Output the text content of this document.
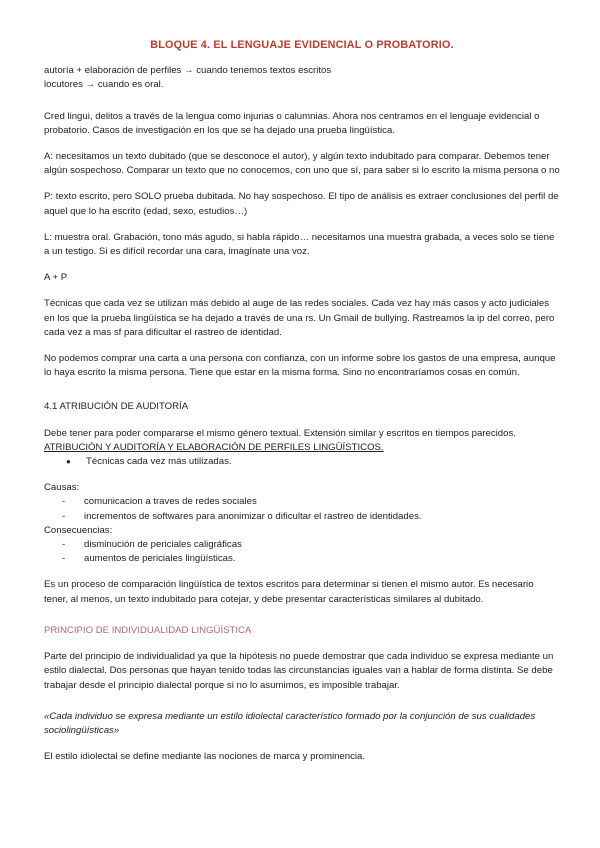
BLOQUE 4. EL LENGUAJE EVIDENCIAL O PROBATORIO.

autoría + elaboración de perfiles → cuando tenemos textos escritos

locutores → cuando es oral.

Cred lingui, delitos a través de la lengua como injurias o calumnias. Ahora nos centramos en el lenguaje evidencial o probatorio. Casos de investigación en los que se ha dejado una prueba lingüística.

A: necesitamos un texto dubitado (que se desconoce el autor), y algún texto indubitado para comparar. Debemos tener algún sospechoso. Comparar un texto que no conocemos, con uno que sí, para saber si lo escrito la misma persona o no

P: texto escrito, pero SOLO prueba dubitada. No hay sospechoso. El tipo de análisis es extraer conclusiones del perfil de aquel que lo ha escrito (edad, sexo, estudios…)

L: muestra oral. Grabación, tono más agudo, si habla rápido… necesitamos una muestra grabada, a veces solo se tiene a un testigo. Si es difícil recordar una cara, imagínate una voz.

A + P

Técnicas que cada vez se utilizan más debido al auge de las redes sociales. Cada vez hay más casos y acto judiciales en los que la prueba lingüística se ha dejado a través de una rs. Un Gmail de bullying. Rastreamos la ip del correo, pero cada vez a mas sf para dificultar el rastreo de identidad.

No podemos comprar una carta a una persona con confianza, con un informe sobre los gastos de una empresa, aunque lo haya escrito la misma persona. Tiene que estar en la misma forma. Sino no encontraríamos cosas en común.

4.1 ATRIBUCIÓN DE AUDITORÍA

Debe tener para poder compararse el mismo género textual. Extensión similar y escritos en tiempos parecidos.

ATRIBUCIÓN Y AUDITORÍA Y ELABORACIÓN DE PERFILES LINGÜÍSTICOS.

● Técnicas cada vez más utilizadas.

Causas:

- comunicacion a traves de redes sociales
- incrementos de softwares para anonimizar o dificultar el rastreo de identidades.

Consecuencias:

- disminución de periciales caligráficas
- aumentos de periciales lingüísticas.

Es un proceso de comparación lingüística de textos escritos para determinar si tienen el mismo autor. Es necesario tener, al menos, un texto indubitado para cotejar, y debe presentar características similares al dubitado.

PRINCIPIO DE INDIVIDUALIDAD LINGÜÍSTICA

Parte del principio de individualidad ya que la hipótesis no puede demostrar que cada individuo se expresa mediante un estilo dialectal. Dos personas que hayan tenido todas las circunstancias iguales van a hablar de forma distinta. Se debe trabajar desde el principio dialectal porque si no lo asumimos, es imposible trabajar.

«Cada individuo se expresa mediante un estilo idiolectal característico formado por la conjunción de sus cualidades sociolingüísticas»

El estilo idiolectal se define mediante las nociones de marca y prominencia.
